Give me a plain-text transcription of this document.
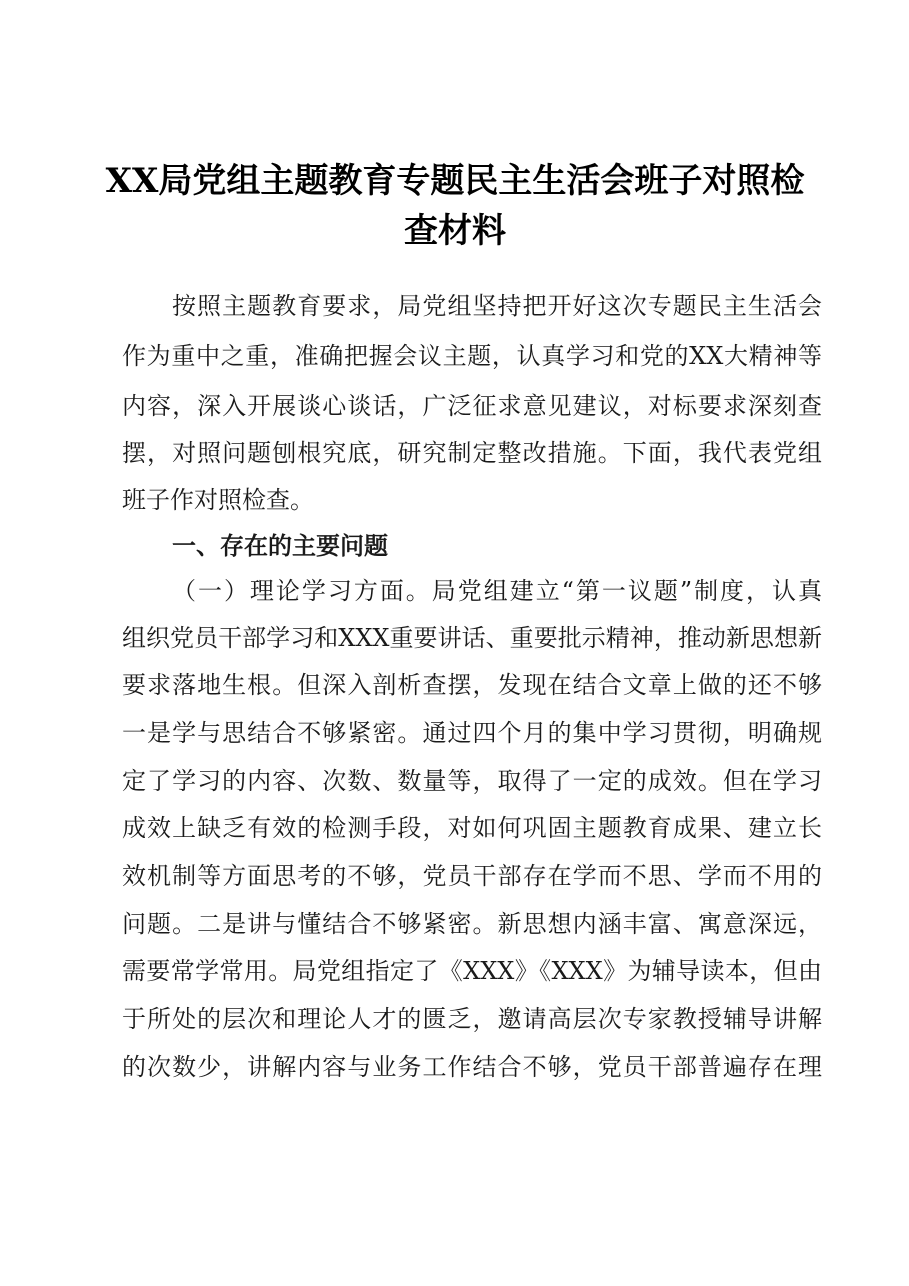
XX局党组主题教育专题民主生活会班子对照检
查材料

按照主题教育要求，局党组坚持把开好这次专题民主生活会

作为重中之重，准确把握会议主题，认真学习和党的XX大精神等

内容，深入开展谈心谈话，广泛征求意见建议，对标要求深刻查

摆，对照问题刨根究底，研究制定整改措施。下面，我代表党组

班子作对照检查。

一、存在的主要问题

（一）理论学习方面。局党组建立“第一议题”制度，认真

组织党员干部学习和XXX重要讲话、重要批示精神，推动新思想新

要求落地生根。但深入剖析查摆，发现在结合文章上做的还不够

一是学与思结合不够紧密。通过四个月的集中学习贯彻，明确规

定了学习的内容、次数、数量等，取得了一定的成效。但在学习

成效上缺乏有效的检测手段，对如何巩固主题教育成果、建立长

效机制等方面思考的不够，党员干部存在学而不思、学而不用的

问题。二是讲与懂结合不够紧密。新思想内涵丰富、寓意深远，

需要常学常用。局党组指定了《XXX》《XXX》为辅导读本，但由

于所处的层次和理论人才的匮乏，邀请高层次专家教授辅导讲解

的次数少，讲解内容与业务工作结合不够，党员干部普遍存在理
